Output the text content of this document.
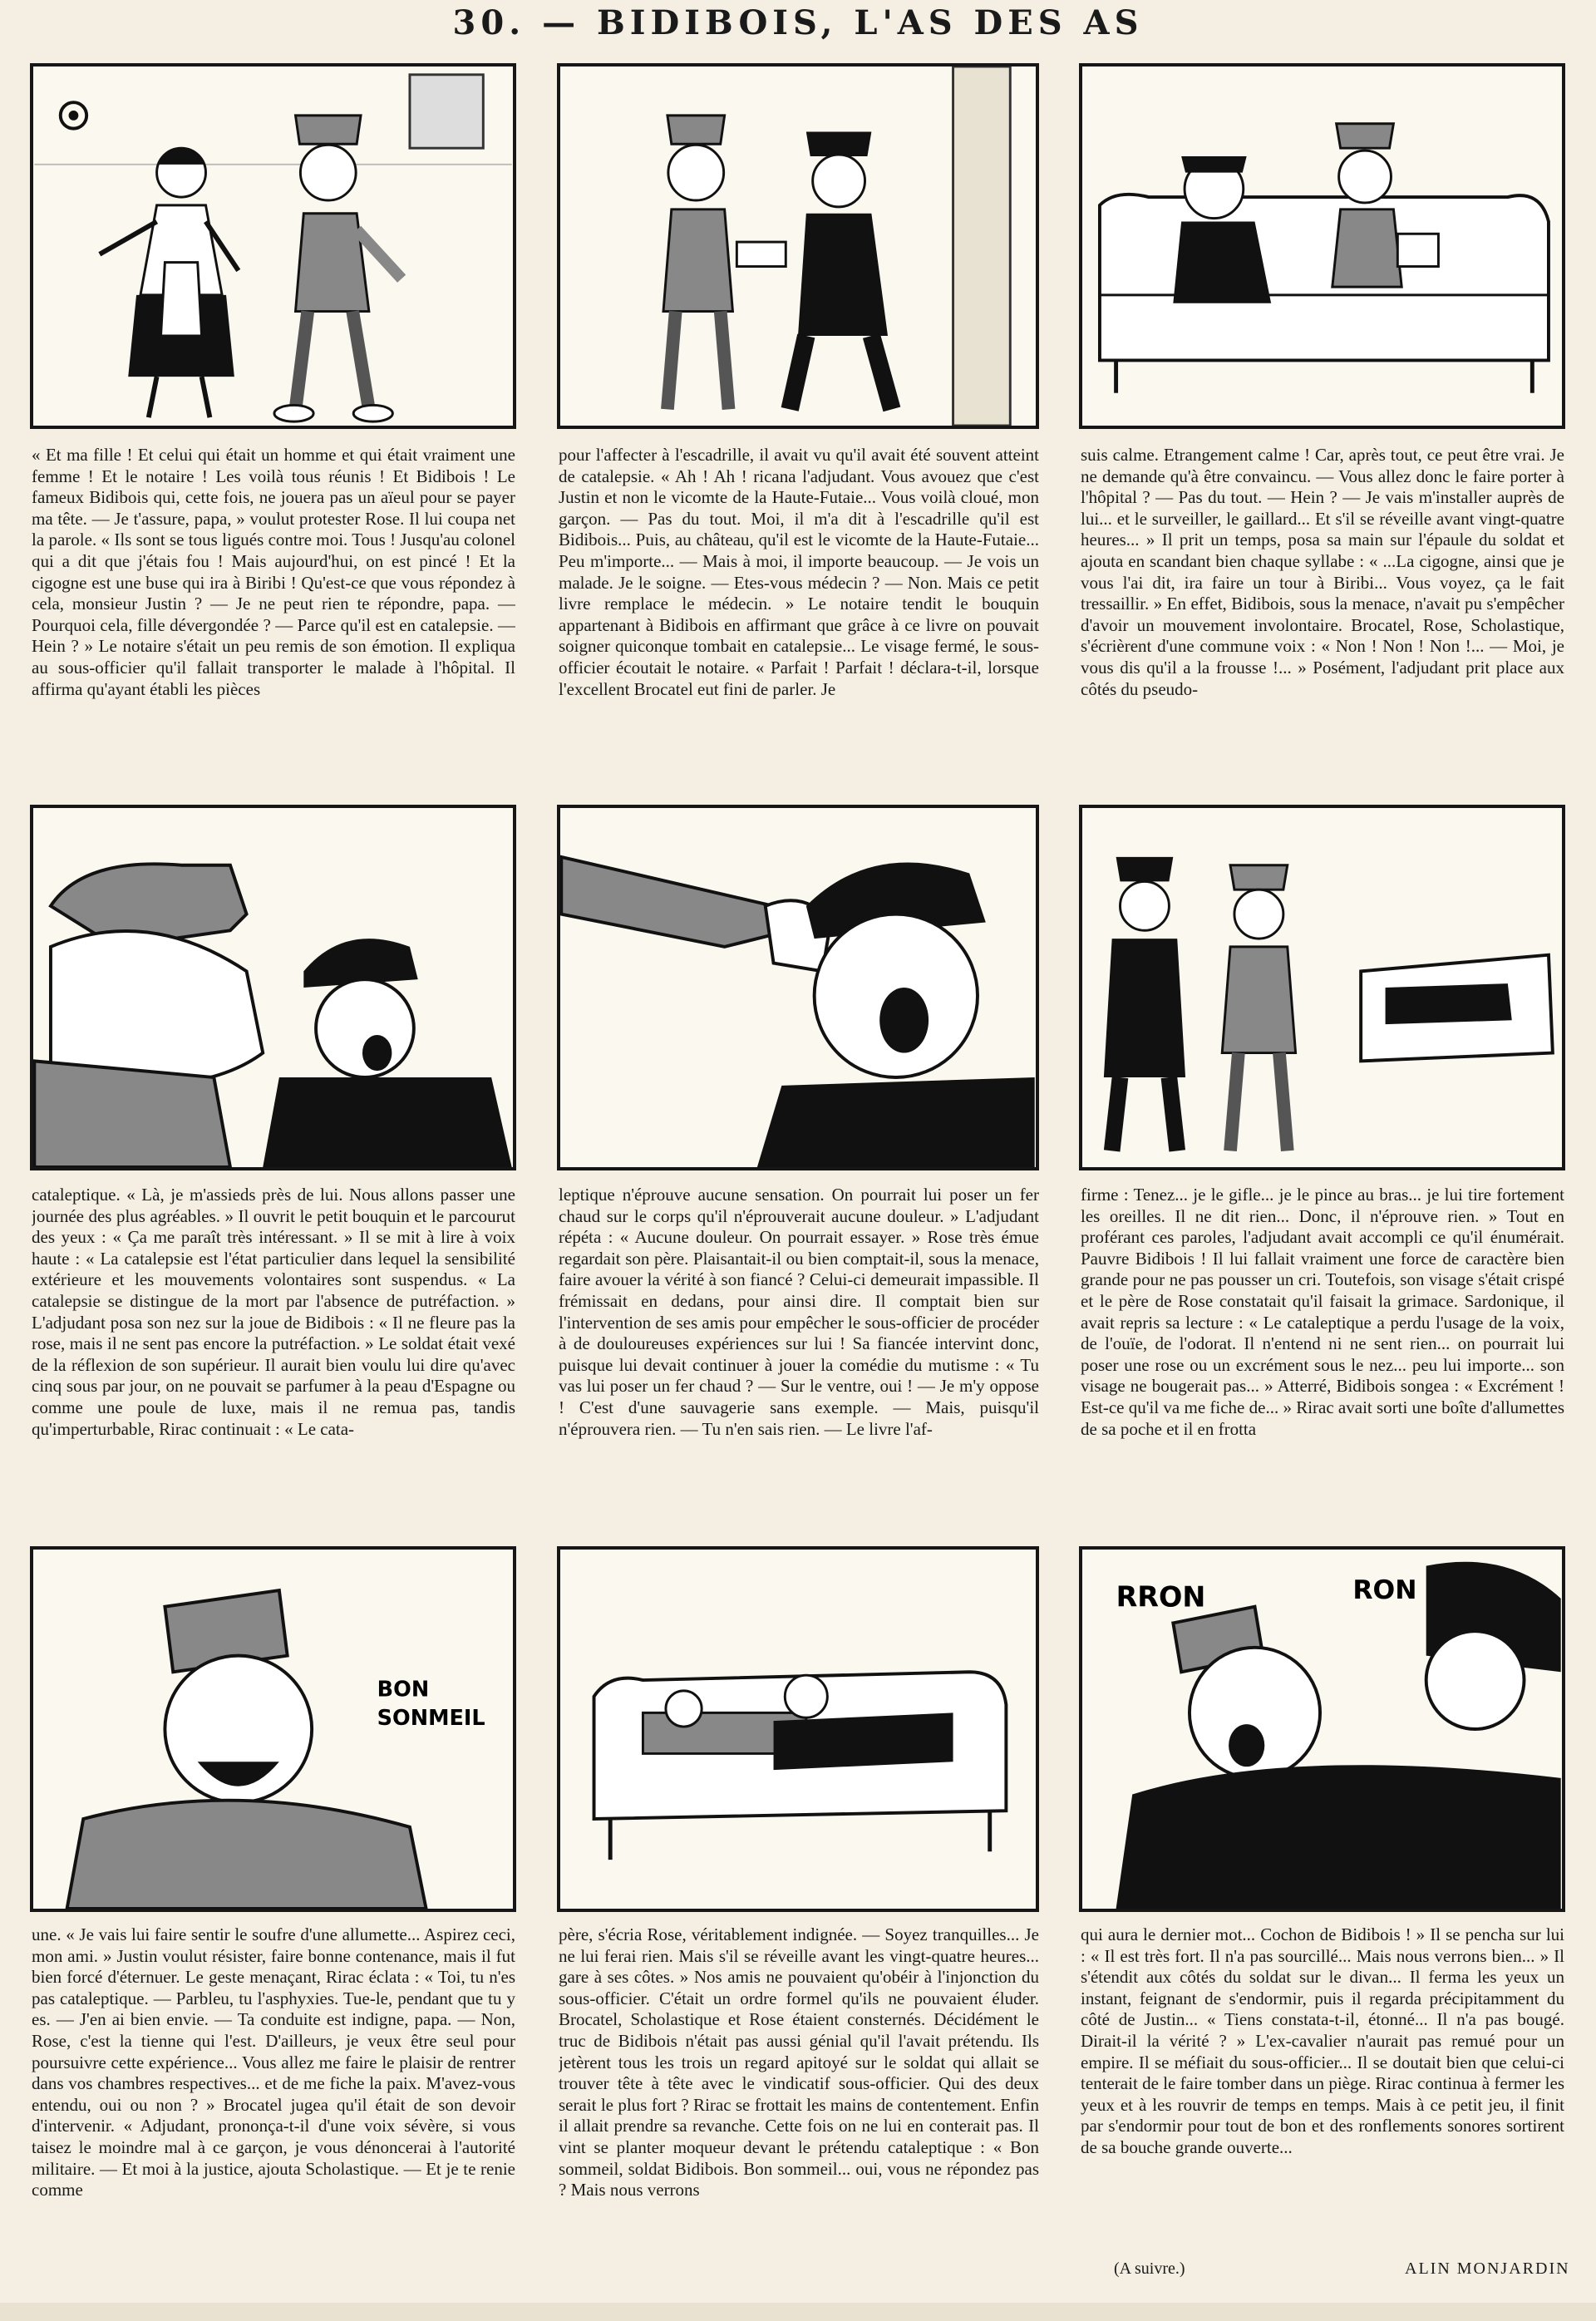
30. — BIDIBOIS, L'AS DES AS
« Et ma fille ! Et celui qui était un homme et qui était vraiment une femme ! Et le notaire ! Les voilà tous réunis ! Et Bidibois ! Le fameux Bidibois qui, cette fois, ne jouera pas un aïeul pour se payer ma tête. — Je t'assure, papa, » voulut protester Rose. Il lui coupa net la parole. « Ils sont se tous ligués contre moi. Tous ! Jusqu'au colonel qui a dit que j'étais fou ! Mais aujourd'hui, on est pincé ! Et la cigogne est une buse qui ira à Biribi ! Qu'est-ce que vous répondez à cela, monsieur Justin ? — Je ne peut rien te répondre, papa. — Pourquoi cela, fille dévergondée ? — Parce qu'il est en catalepsie. — Hein ? » Le notaire s'était un peu remis de son émotion. Il expliqua au sous-officier qu'il fallait transporter le malade à l'hôpital. Il affirma qu'ayant établi les pièces
pour l'affecter à l'escadrille, il avait vu qu'il avait été souvent atteint de catalepsie. « Ah ! Ah ! ricana l'adjudant. Vous avouez que c'est Justin et non le vicomte de la Haute-Futaie... Vous voilà cloué, mon garçon. — Pas du tout. Moi, il m'a dit à l'escadrille qu'il est Bidibois... Puis, au château, qu'il est le vicomte de la Haute-Futaie... Peu m'importe... — Mais à moi, il importe beaucoup. — Je vois un malade. Je le soigne. — Etes-vous médecin ? — Non. Mais ce petit livre remplace le médecin. » Le notaire tendit le bouquin appartenant à Bidibois en affirmant que grâce à ce livre on pouvait soigner quiconque tombait en catalepsie... Le visage fermé, le sous-officier écoutait le notaire. « Parfait ! Parfait ! déclara-t-il, lorsque l'excellent Brocatel eut fini de parler. Je
suis calme. Etrangement calme ! Car, après tout, ce peut être vrai. Je ne demande qu'à être convaincu. — Vous allez donc le faire porter à l'hôpital ? — Pas du tout. — Hein ? — Je vais m'installer auprès de lui... et le surveiller, le gaillard... Et s'il se réveille avant vingt-quatre heures... » Il prit un temps, posa sa main sur l'épaule du soldat et ajouta en scandant bien chaque syllabe : « ...La cigogne, ainsi que je vous l'ai dit, ira faire un tour à Biribi... Vous voyez, ça le fait tressaillir. » En effet, Bidibois, sous la menace, n'avait pu s'empêcher d'avoir un mouvement involontaire. Brocatel, Rose, Scholastique, s'écrièrent d'une commune voix : « Non ! Non ! Non !... — Moi, je vous dis qu'il a la frousse !... » Posément, l'adjudant prit place aux côtés du pseudo-
cataleptique. « Là, je m'assieds près de lui. Nous allons passer une journée des plus agréables. » Il ouvrit le petit bouquin et le parcourut des yeux : « Ça me paraît très intéressant. » Il se mit à lire à voix haute : « La catalepsie est l'état particulier dans lequel la sensibilité extérieure et les mouvements volontaires sont suspendus. « La catalepsie se distingue de la mort par l'absence de putréfaction. » L'adjudant posa son nez sur la joue de Bidibois : « Il ne fleure pas la rose, mais il ne sent pas encore la putréfaction. » Le soldat était vexé de la réflexion de son supérieur. Il aurait bien voulu lui dire qu'avec cinq sous par jour, on ne pouvait se parfumer à la peau d'Espagne ou comme une poule de luxe, mais il ne remua pas, tandis qu'imperturbable, Rirac continuait : « Le cata-
leptique n'éprouve aucune sensation. On pourrait lui poser un fer chaud sur le corps qu'il n'éprouverait aucune douleur. » L'adjudant répéta : « Aucune douleur. On pourrait essayer. » Rose très émue regardait son père. Plaisantait-il ou bien comptait-il, sous la menace, faire avouer la vérité à son fiancé ? Celui-ci demeurait impassible. Il frémissait en dedans, pour ainsi dire. Il comptait bien sur l'intervention de ses amis pour empêcher le sous-officier de procéder à de douloureuses expériences sur lui ! Sa fiancée intervint donc, puisque lui devait continuer à jouer la comédie du mutisme : « Tu vas lui poser un fer chaud ? — Sur le ventre, oui ! — Je m'y oppose ! C'est d'une sauvagerie sans exemple. — Mais, puisqu'il n'éprouvera rien. — Tu n'en sais rien. — Le livre l'af-
firme : Tenez... je le gifle... je le pince au bras... je lui tire fortement les oreilles. Il ne dit rien... Donc, il n'éprouve rien. » Tout en proférant ces paroles, l'adjudant avait accompli ce qu'il énumérait. Pauvre Bidibois ! Il lui fallait vraiment une force de caractère bien grande pour ne pas pousser un cri. Toutefois, son visage s'était crispé et le père de Rose constatait qu'il faisait la grimace. Sardonique, il avait repris sa lecture : « Le cataleptique a perdu l'usage de la voix, de l'ouïe, de l'odorat. Il n'entend ni ne sent rien... on pourrait lui poser une rose ou un excrément sous le nez... peu lui importe... son visage ne bougerait pas... » Atterré, Bidibois songea : « Excrément ! Est-ce qu'il va me fiche de... » Rirac avait sorti une boîte d'allumettes de sa poche et il en frotta
BON
SONMEIL
RRON	RON
une. « Je vais lui faire sentir le soufre d'une allumette... Aspirez ceci, mon ami. » Justin voulut résister, faire bonne contenance, mais il fut bien forcé d'éternuer. Le geste menaçant, Rirac éclata : « Toi, tu n'es pas cataleptique. — Parbleu, tu l'asphyxies. Tue-le, pendant que tu y es. — J'en ai bien envie. — Ta conduite est indigne, papa. — Non, Rose, c'est la tienne qui l'est. D'ailleurs, je veux être seul pour poursuivre cette expérience... Vous allez me faire le plaisir de rentrer dans vos chambres respectives... et de me fiche la paix. M'avez-vous entendu, oui ou non ? » Brocatel jugea qu'il était de son devoir d'intervenir. « Adjudant, prononça-t-il d'une voix sévère, si vous taisez le moindre mal à ce garçon, je vous dénoncerai à l'autorité militaire. — Et moi à la justice, ajouta Scholastique. — Et je te renie comme
père, s'écria Rose, véritablement indignée. — Soyez tranquilles... Je ne lui ferai rien. Mais s'il se réveille avant les vingt-quatre heures... gare à ses côtes. » Nos amis ne pouvaient qu'obéir à l'injonction du sous-officier. C'était un ordre formel qu'ils ne pouvaient éluder. Brocatel, Scholastique et Rose étaient consternés. Décidément le truc de Bidibois n'était pas aussi génial qu'il l'avait prétendu. Ils jetèrent tous les trois un regard apitoyé sur le soldat qui allait se trouver tête à tête avec le vindicatif sous-officier. Qui des deux serait le plus fort ? Rirac se frottait les mains de contentement. Enfin il allait prendre sa revanche. Cette fois on ne lui en conterait pas. Il vint se planter moqueur devant le prétendu cataleptique : « Bon sommeil, soldat Bidibois. Bon sommeil... oui, vous ne répondez pas ? Mais nous verrons
qui aura le dernier mot... Cochon de Bidibois ! » Il se pencha sur lui : « Il est très fort. Il n'a pas sourcillé... Mais nous verrons bien... » Il s'étendit aux côtés du soldat sur le divan... Il ferma les yeux un instant, feignant de s'endormir, puis il regarda précipitamment du côté de Justin... « Tiens constata-t-il, étonné... Il n'a pas bougé. Dirait-il la vérité ? » L'ex-cavalier n'aurait pas remué pour un empire. Il se méfiait du sous-officier... Il se doutait bien que celui-ci tenterait de le faire tomber dans un piège. Rirac continua à fermer les yeux et à les rouvrir de temps en temps. Mais à ce petit jeu, il finit par s'endormir pour tout de bon et des ronflements sonores sortirent de sa bouche grande ouverte...
(A suivre.)	ALIN MONJARDIN
